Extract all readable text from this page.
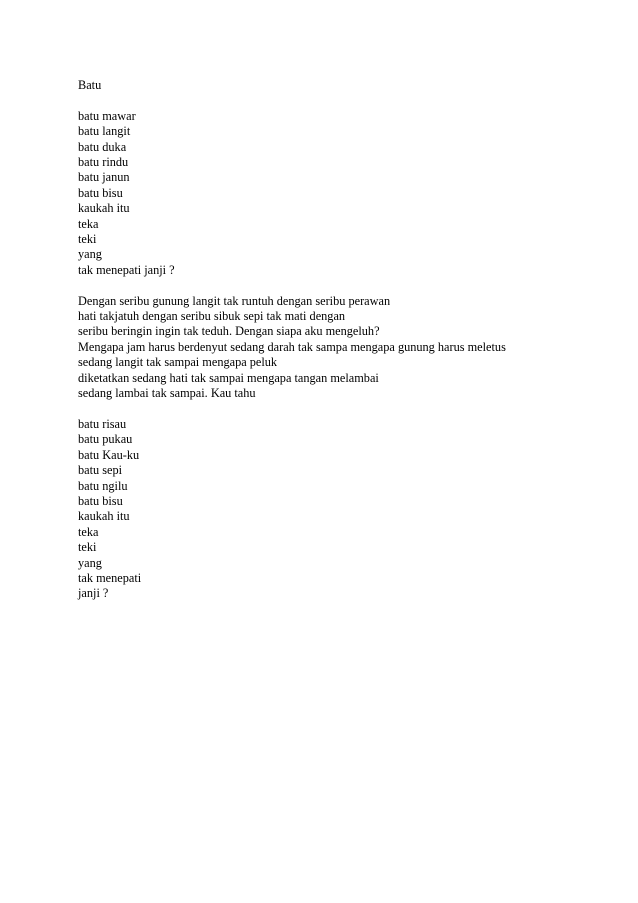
Batu
batu mawar
batu langit
batu duka
batu rindu
batu janun
batu bisu
kaukah itu
teka
teki
yang
tak menepati janji ?
Dengan seribu gunung langit tak runtuh dengan seribu perawan
hati takjatuh dengan seribu sibuk sepi tak mati dengan
seribu beringin ingin tak teduh. Dengan siapa aku mengeluh?
Mengapa jam harus berdenyut sedang darah tak sampa mengapa gunung harus meletus
sedang langit tak sampai mengapa peluk
diketatkan sedang hati tak sampai mengapa tangan melambai
sedang lambai tak sampai. Kau tahu
batu risau
batu pukau
batu Kau-ku
batu sepi
batu ngilu
batu bisu
kaukah itu
teka
teki
yang
tak menepati
janji ?
